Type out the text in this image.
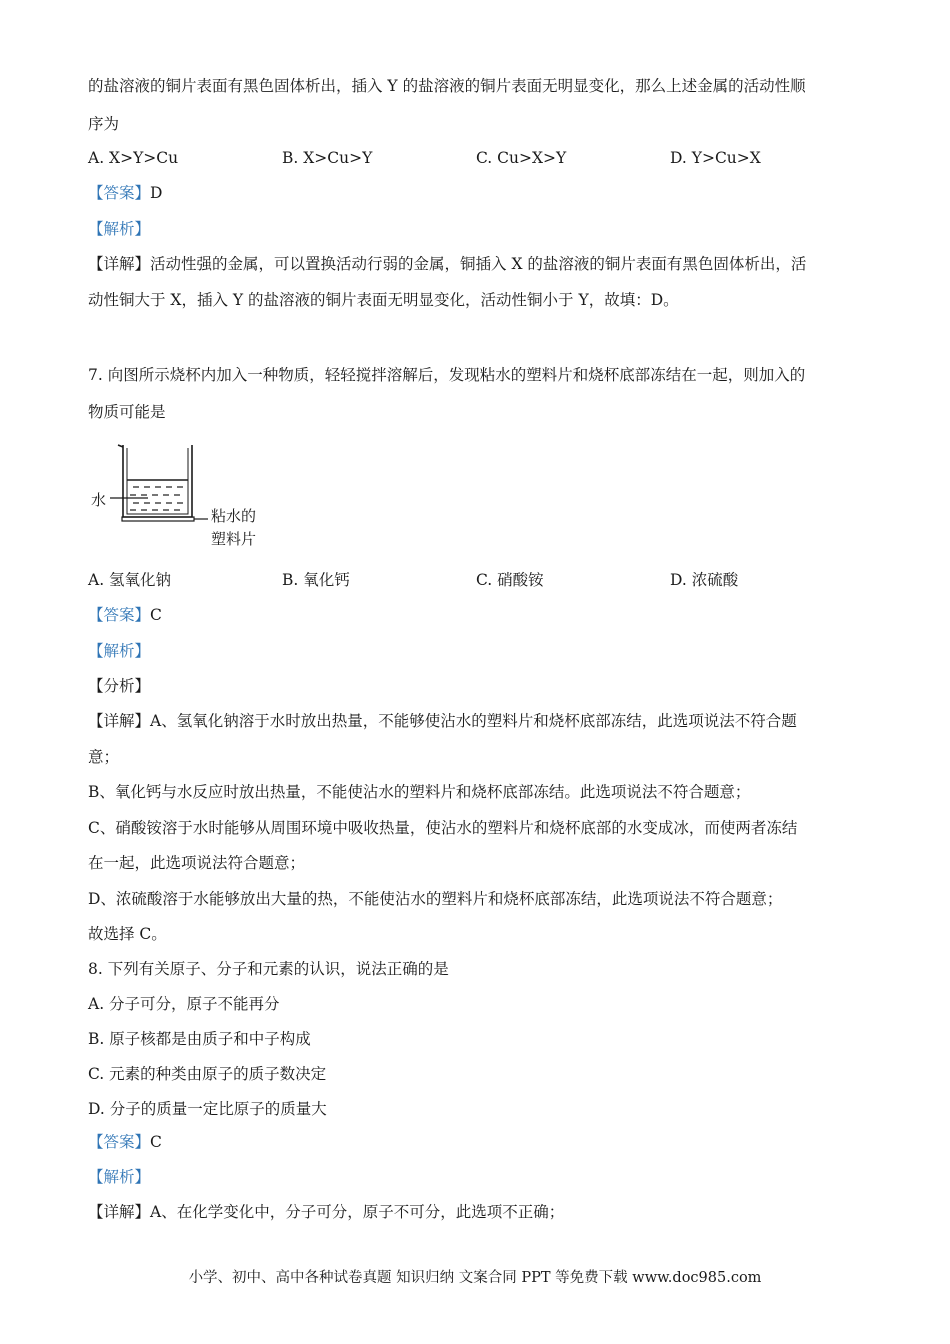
的盐溶液的铜片表面有黑色固体析出，插入 Y 的盐溶液的铜片表面无明显变化，那么上述金属的活动性顺
序为
A. X>Y>Cu	B. X>Cu>Y	C. Cu>X>Y	D. Y>Cu>X
【答案】D
【解析】
【详解】活动性强的金属，可以置换活动行弱的金属，铜插入 X 的盐溶液的铜片表面有黑色固体析出，活
动性铜大于 X，插入 Y 的盐溶液的铜片表面无明显变化，活动性铜小于 Y，故填：D。
7. 向图所示烧杯内加入一种物质，轻轻搅拌溶解后，发现粘水的塑料片和烧杯底部冻结在一起，则加入的
物质可能是
A. 氢氧化钠	B. 氧化钙	C. 硝酸铵	D. 浓硫酸
【答案】C
【解析】
【分析】
【详解】A、氢氧化钠溶于水时放出热量，不能够使沾水的塑料片和烧杯底部冻结，此选项说法不符合题
意；
B、氧化钙与水反应时放出热量，不能使沾水的塑料片和烧杯底部冻结。此选项说法不符合题意；
C、硝酸铵溶于水时能够从周围环境中吸收热量，使沾水的塑料片和烧杯底部的水变成冰，而使两者冻结
在一起，此选项说法符合题意；
D、浓硫酸溶于水能够放出大量的热，不能使沾水的塑料片和烧杯底部冻结，此选项说法不符合题意；
故选择 C。
8. 下列有关原子、分子和元素的认识，说法正确的是
A. 分子可分，原子不能再分
B. 原子核都是由质子和中子构成
C. 元素的种类由原子的质子数决定
D. 分子的质量一定比原子的质量大
【答案】C
【解析】
【详解】A、在化学变化中，分子可分，原子不可分，此选项不正确；
水
粘水的
塑料片
小学、初中、高中各种试卷真题 知识归纳 文案合同 PPT 等免费下载 www.doc985.com
